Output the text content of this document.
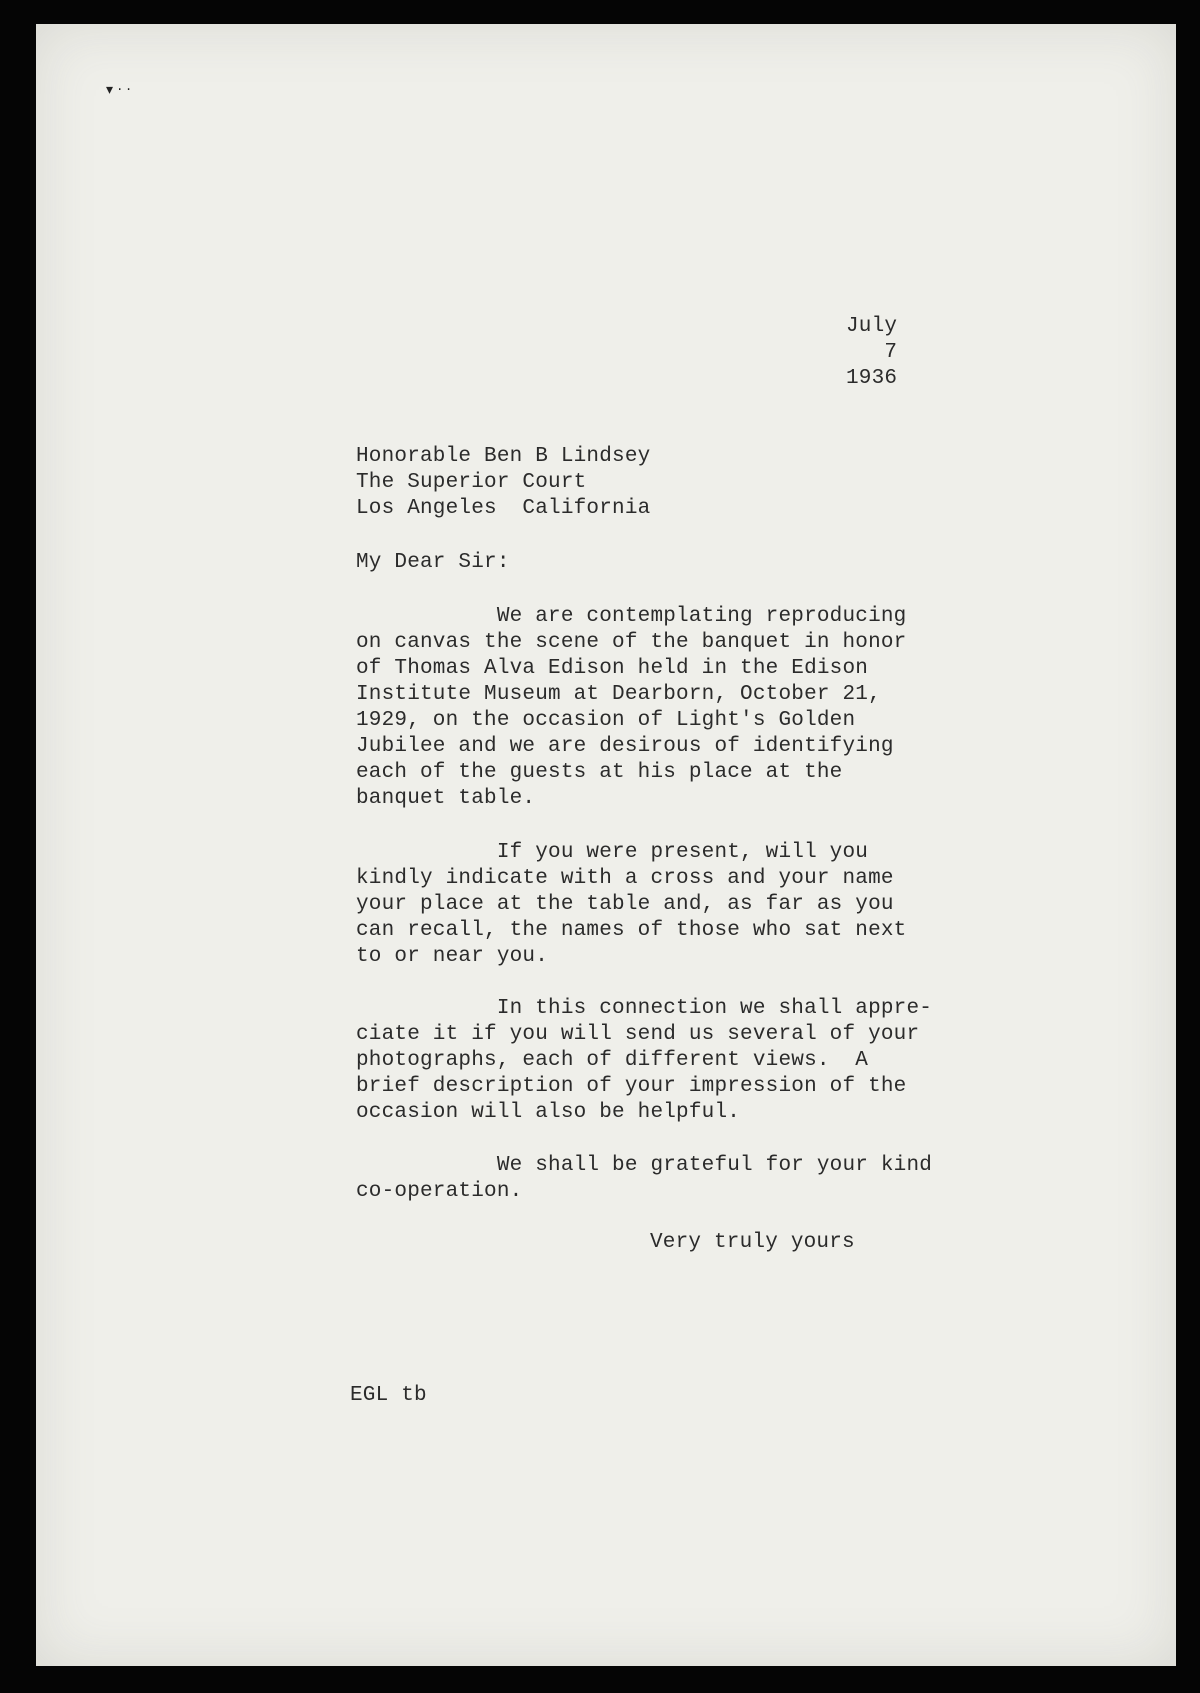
▾ · ·
July
7
1936
Honorable Ben B Lindsey
The Superior Court
Los Angeles  California
My Dear Sir:
We are contemplating reproducing
on canvas the scene of the banquet in honor
of Thomas Alva Edison held in the Edison
Institute Museum at Dearborn, October 21,
1929, on the occasion of Light's Golden
Jubilee and we are desirous of identifying
each of the guests at his place at the
banquet table.
If you were present, will you
kindly indicate with a cross and your name
your place at the table and, as far as you
can recall, the names of those who sat next
to or near you.
In this connection we shall appre-
ciate it if you will send us several of your
photographs, each of different views.  A
brief description of your impression of the
occasion will also be helpful.
We shall be grateful for your kind
co-operation.
Very truly yours
EGL tb
